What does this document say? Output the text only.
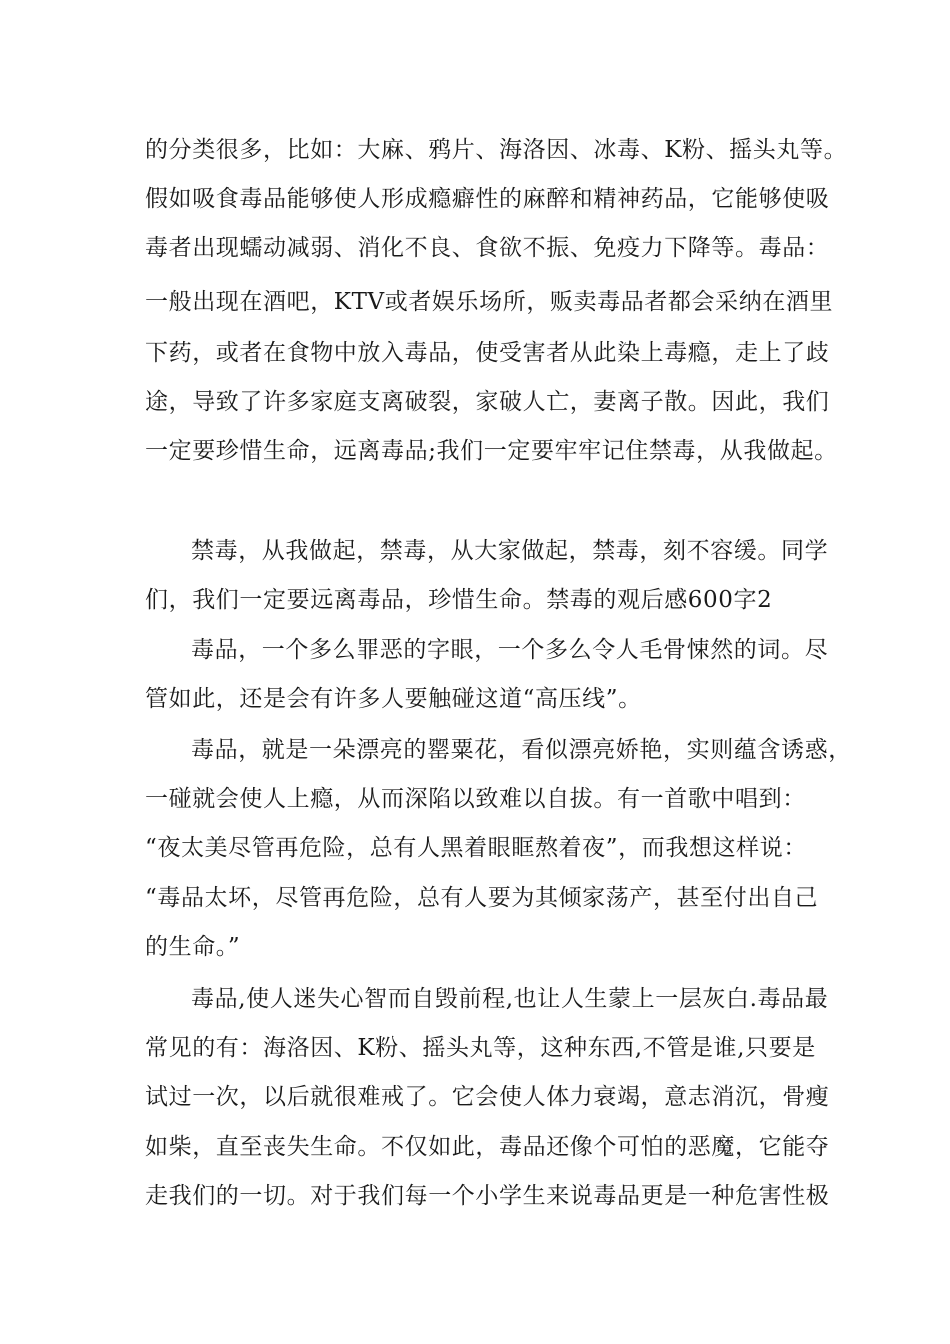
的分类很多，比如：大麻、鸦片、海洛因、冰毒、K粉、摇头丸等。
假如吸食毒品能够使人形成瘾癖性的麻醉和精神药品，它能够使吸
毒者出现蠕动减弱、消化不良、食欲不振、免疫力下降等。毒品：
一般出现在酒吧，KTV或者娱乐场所，贩卖毒品者都会采纳在酒里
下药，或者在食物中放入毒品，使受害者从此染上毒瘾，走上了歧
途，导致了许多家庭支离破裂，家破人亡，妻离子散。因此，我们
一定要珍惜生命，远离毒品;我们一定要牢牢记住禁毒，从我做起。
禁毒，从我做起，禁毒，从大家做起，禁毒，刻不容缓。同学
们，我们一定要远离毒品，珍惜生命。禁毒的观后感600字2
毒品，一个多么罪恶的字眼，一个多么令人毛骨悚然的词。尽
管如此，还是会有许多人要触碰这道“高压线”。
毒品，就是一朵漂亮的罂粟花，看似漂亮娇艳，实则蕴含诱惑，
一碰就会使人上瘾，从而深陷以致难以自拔。有一首歌中唱到：
“夜太美尽管再危险，总有人黑着眼眶熬着夜”，而我想这样说：
“毒品太坏，尽管再危险，总有人要为其倾家荡产，甚至付出自己
的生命。”
毒品,使人迷失心智而自毁前程,也让人生蒙上一层灰白.毒品最
常见的有：海洛因、K粉、摇头丸等，这种东西,不管是谁,只要是
试过一次，以后就很难戒了。它会使人体力衰竭，意志消沉，骨瘦
如柴，直至丧失生命。不仅如此，毒品还像个可怕的恶魔，它能夺
走我们的一切。对于我们每一个小学生来说毒品更是一种危害性极
